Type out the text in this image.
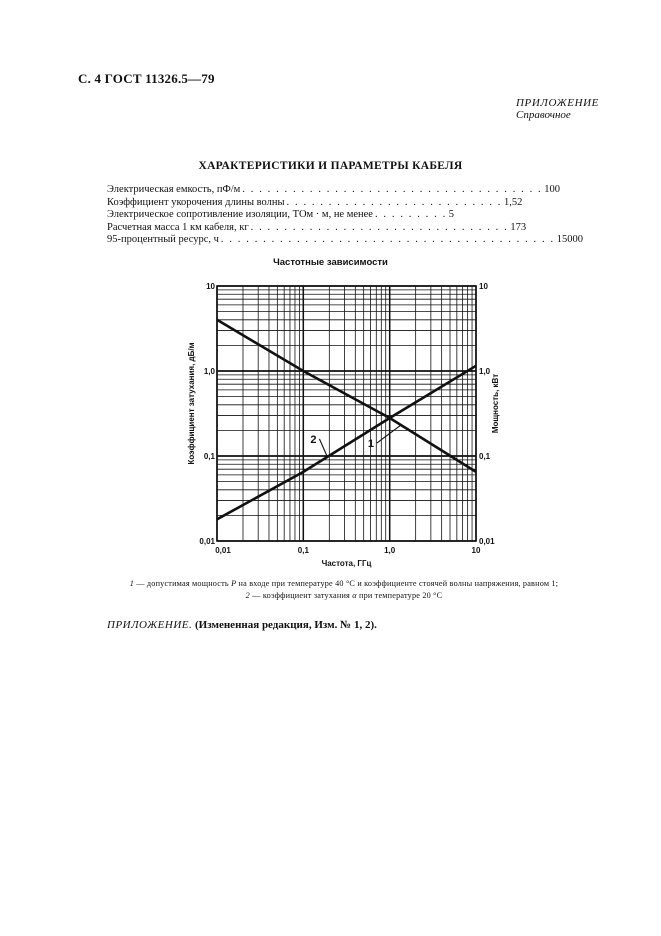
С. 4 ГОСТ 11326.5—79
ПРИЛОЖЕНИЕ
Справочное
ХАРАКТЕРИСТИКИ И ПАРАМЕТРЫ КАБЕЛЯ
Электрическая емкость, пФ/м . . . . . . . . . . . . . . . . . . . . . . . . . . . . . . . . . . . . 100
Коэффициент укорочения длины волны . . . . . . . . . . . . . . . . . . . . . . . . . . 1,52
Электрическое сопротивление изоляции, ТОм · м, не менее . . . . . . . . . 5
Расчетная масса 1 км кабеля, кг . . . . . . . . . . . . . . . . . . . . . . . . . . . . . . . 173
95-процентный ресурс, ч . . . . . . . . . . . . . . . . . . . . . . . . . . . . . . . . . . . . . . . . 15000
Частотные зависимости
1
2
0,01	0,1	1,0	10
0,01
0,1
1,0
10
0,01
0,1
1,0
10
Частота, ГГц
Коэффициент затухания, дБ/м	Мощность, кВт
1 — допустимая мощность P на входе при температуре 40 °С и коэффициенте стоячей волны напряжения, равном 1;
2 — коэффициент затухания α при температуре 20 °С
ПРИЛОЖЕНИЕ. (Измененная редакция, Изм. № 1, 2).
